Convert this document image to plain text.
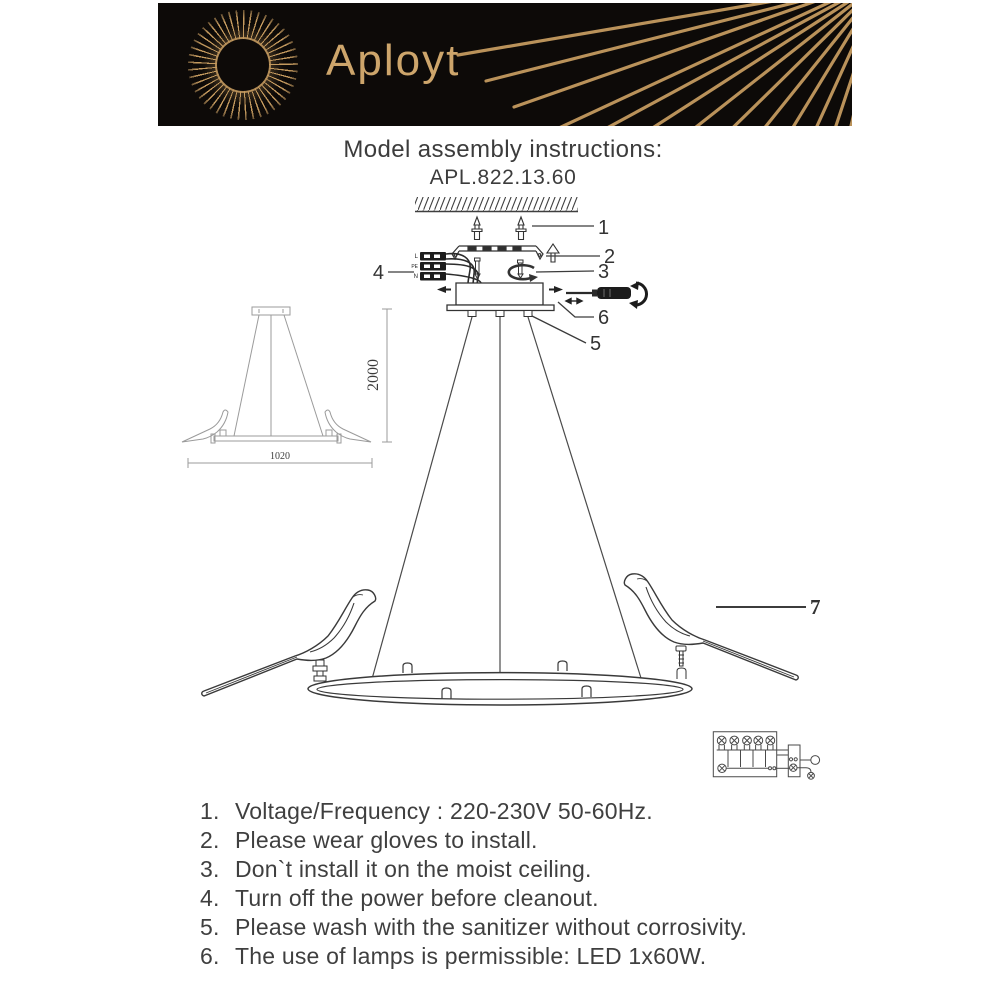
Aployt
Model assembly instructions:
APL.822.13.60
L
PE
N
1
2
3
4
5
6
7
1020
2000
1. Voltage/Frequency : 220-230V 50-60Hz.
2. Please wear gloves to install.
3. Don`t install it on the moist ceiling.
4. Turn off the power before cleanout.
5. Please wash with the sanitizer without corrosivity.
6. The use of lamps is permissible: LED 1x60W.
